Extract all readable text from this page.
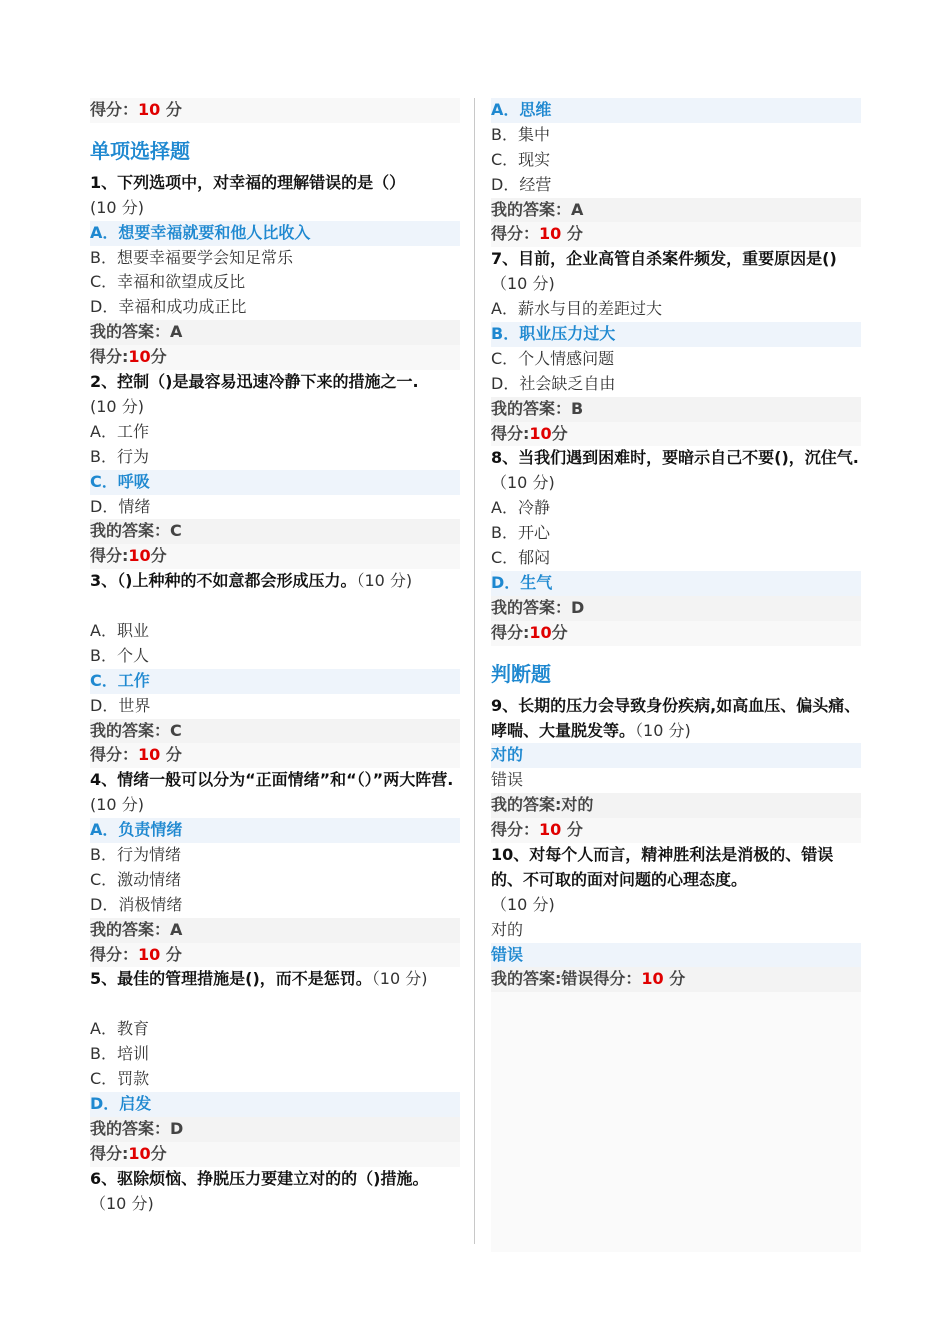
得分：10 分
单项选择题
1、下列选项中，对幸福的理解错误的是（）
(10 分)
A．想要幸福就要和他人比收入
B．想要幸福要学会知足常乐
C．幸福和欲望成反比
D．幸福和成功成正比
我的答案：A
得分:10分
2、控制（)是最容易迅速冷静下来的措施之一.
(10 分)
A．工作
B．行为
C．呼吸
D．情绪
我的答案：C
得分:10分
3、（)上种种的不如意都会形成压力。（10 分)
A．职业
B．个人
C．工作
D．世界
我的答案：C
得分：10 分
4、情绪一般可以分为“正面情绪”和“（）”两大阵营.(10 分)
A．负责情绪
B．行为情绪
C．激动情绪
D．消极情绪
我的答案：A
得分：10 分
5、最佳的管理措施是()，而不是惩罚。（10 分)
A．教育
B．培训
C．罚款
D．启发
我的答案：D
得分:10分
6、驱除烦恼、挣脱压力要建立对的的（)措施。
（10 分)
A．思维
B．集中
C．现实
D．经营
我的答案：A
得分：10 分
7、目前，企业高管自杀案件频发，重要原因是()（10 分)
A．薪水与目的差距过大
B．职业压力过大
C．个人情感问题
D．社会缺乏自由
我的答案：B
得分:10分
8、当我们遇到困难时，要暗示自己不要()，沉住气.（10 分)
A．冷静
B．开心
C．郁闷
D．生气
我的答案：D
得分:10分
判断题
9、长期的压力会导致身份疾病,如高血压、偏头痛、哮喘、大量脱发等。（10 分)
对的
错误
我的答案:对的
得分：10 分
10、对每个人而言，精神胜利法是消极的、错误的、不可取的面对问题的心理态度。
（10 分)
对的
错误
我的答案:错误得分：10 分
